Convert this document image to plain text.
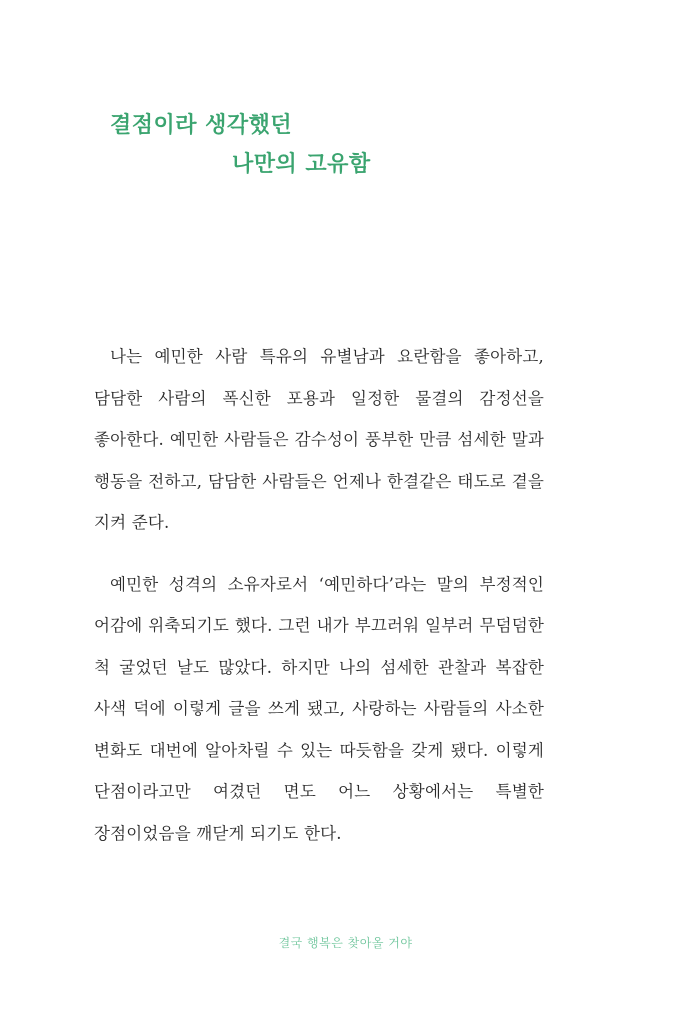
결점이라 생각했던
나만의 고유함

나는 예민한 사람 특유의 유별남과 요란함을 좋아하고, 담담한 사람의 폭신한 포용과 일정한 물결의 감정선을 좋아한다. 예민한 사람들은 감수성이 풍부한 만큼 섬세한 말과 행동을 전하고, 담담한 사람들은 언제나 한결같은 태도로 곁을 지켜 준다.

예민한 성격의 소유자로서 ‘예민하다’라는 말의 부정적인 어감에 위축되기도 했다. 그런 내가 부끄러워 일부러 무덤덤한 척 굴었던 날도 많았다. 하지만 나의 섬세한 관찰과 복잡한 사색 덕에 이렇게 글을 쓰게 됐고, 사랑하는 사람들의 사소한 변화도 대번에 알아차릴 수 있는 따듯함을 갖게 됐다. 이렇게 단점이라고만 여겼던 면도 어느 상황에서는 특별한 장점이었음을 깨닫게 되기도 한다.

결국 행복은 찾아올 거야
